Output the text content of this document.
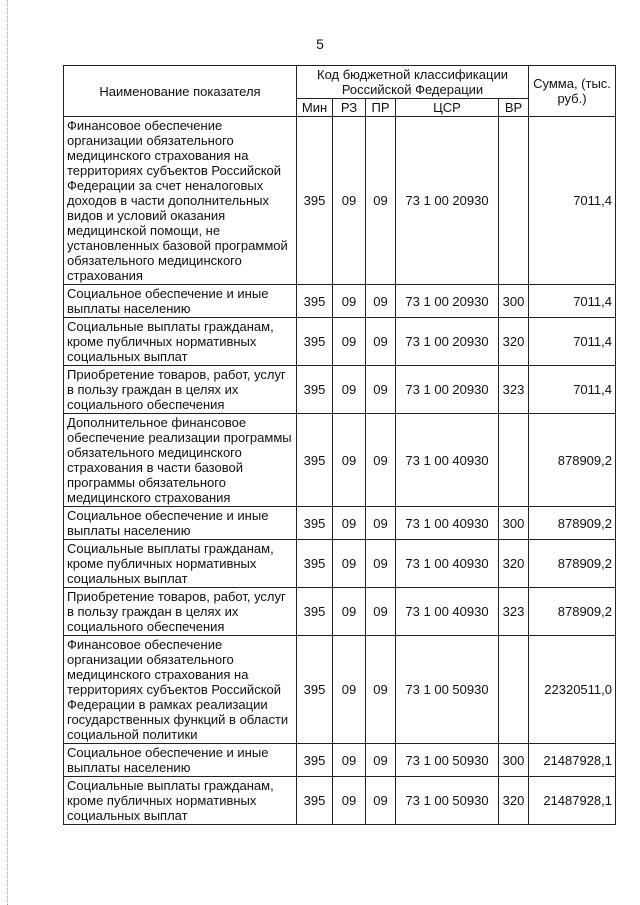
5
Наименование показателя	Код бюджетной классификации Российской Федерации					Сумма, (тыс. руб.)
	Мин	РЗ	ПР	ЦСР	ВР	
Финансовое обеспечение организации обязательного медицинского страхования на территориях субъектов Российской Федерации за счет неналоговых доходов в части дополнительных видов и условий оказания медицинской помощи, не установленных базовой программой обязательного медицинского страхования	395	09	09	73 1 00 20930		7011,4
Социальное обеспечение и иные выплаты населению	395	09	09	73 1 00 20930	300	7011,4
Социальные выплаты гражданам, кроме публичных нормативных социальных выплат	395	09	09	73 1 00 20930	320	7011,4
Приобретение товаров, работ, услуг в пользу граждан в целях их социального обеспечения	395	09	09	73 1 00 20930	323	7011,4
Дополнительное финансовое обеспечение реализации программы обязательного медицинского страхования в части базовой программы обязательного медицинского страхования	395	09	09	73 1 00 40930		878909,2
Социальное обеспечение и иные выплаты населению	395	09	09	73 1 00 40930	300	878909,2
Социальные выплаты гражданам, кроме публичных нормативных социальных выплат	395	09	09	73 1 00 40930	320	878909,2
Приобретение товаров, работ, услуг в пользу граждан в целях их социального обеспечения	395	09	09	73 1 00 40930	323	878909,2
Финансовое обеспечение организации обязательного медицинского страхования на территориях субъектов Российской Федерации в рамках реализации государственных функций в области социальной политики	395	09	09	73 1 00 50930		22320511,0
Социальное обеспечение и иные выплаты населению	395	09	09	73 1 00 50930	300	21487928,1
Социальные выплаты гражданам, кроме публичных нормативных социальных выплат	395	09	09	73 1 00 50930	320	21487928,1
